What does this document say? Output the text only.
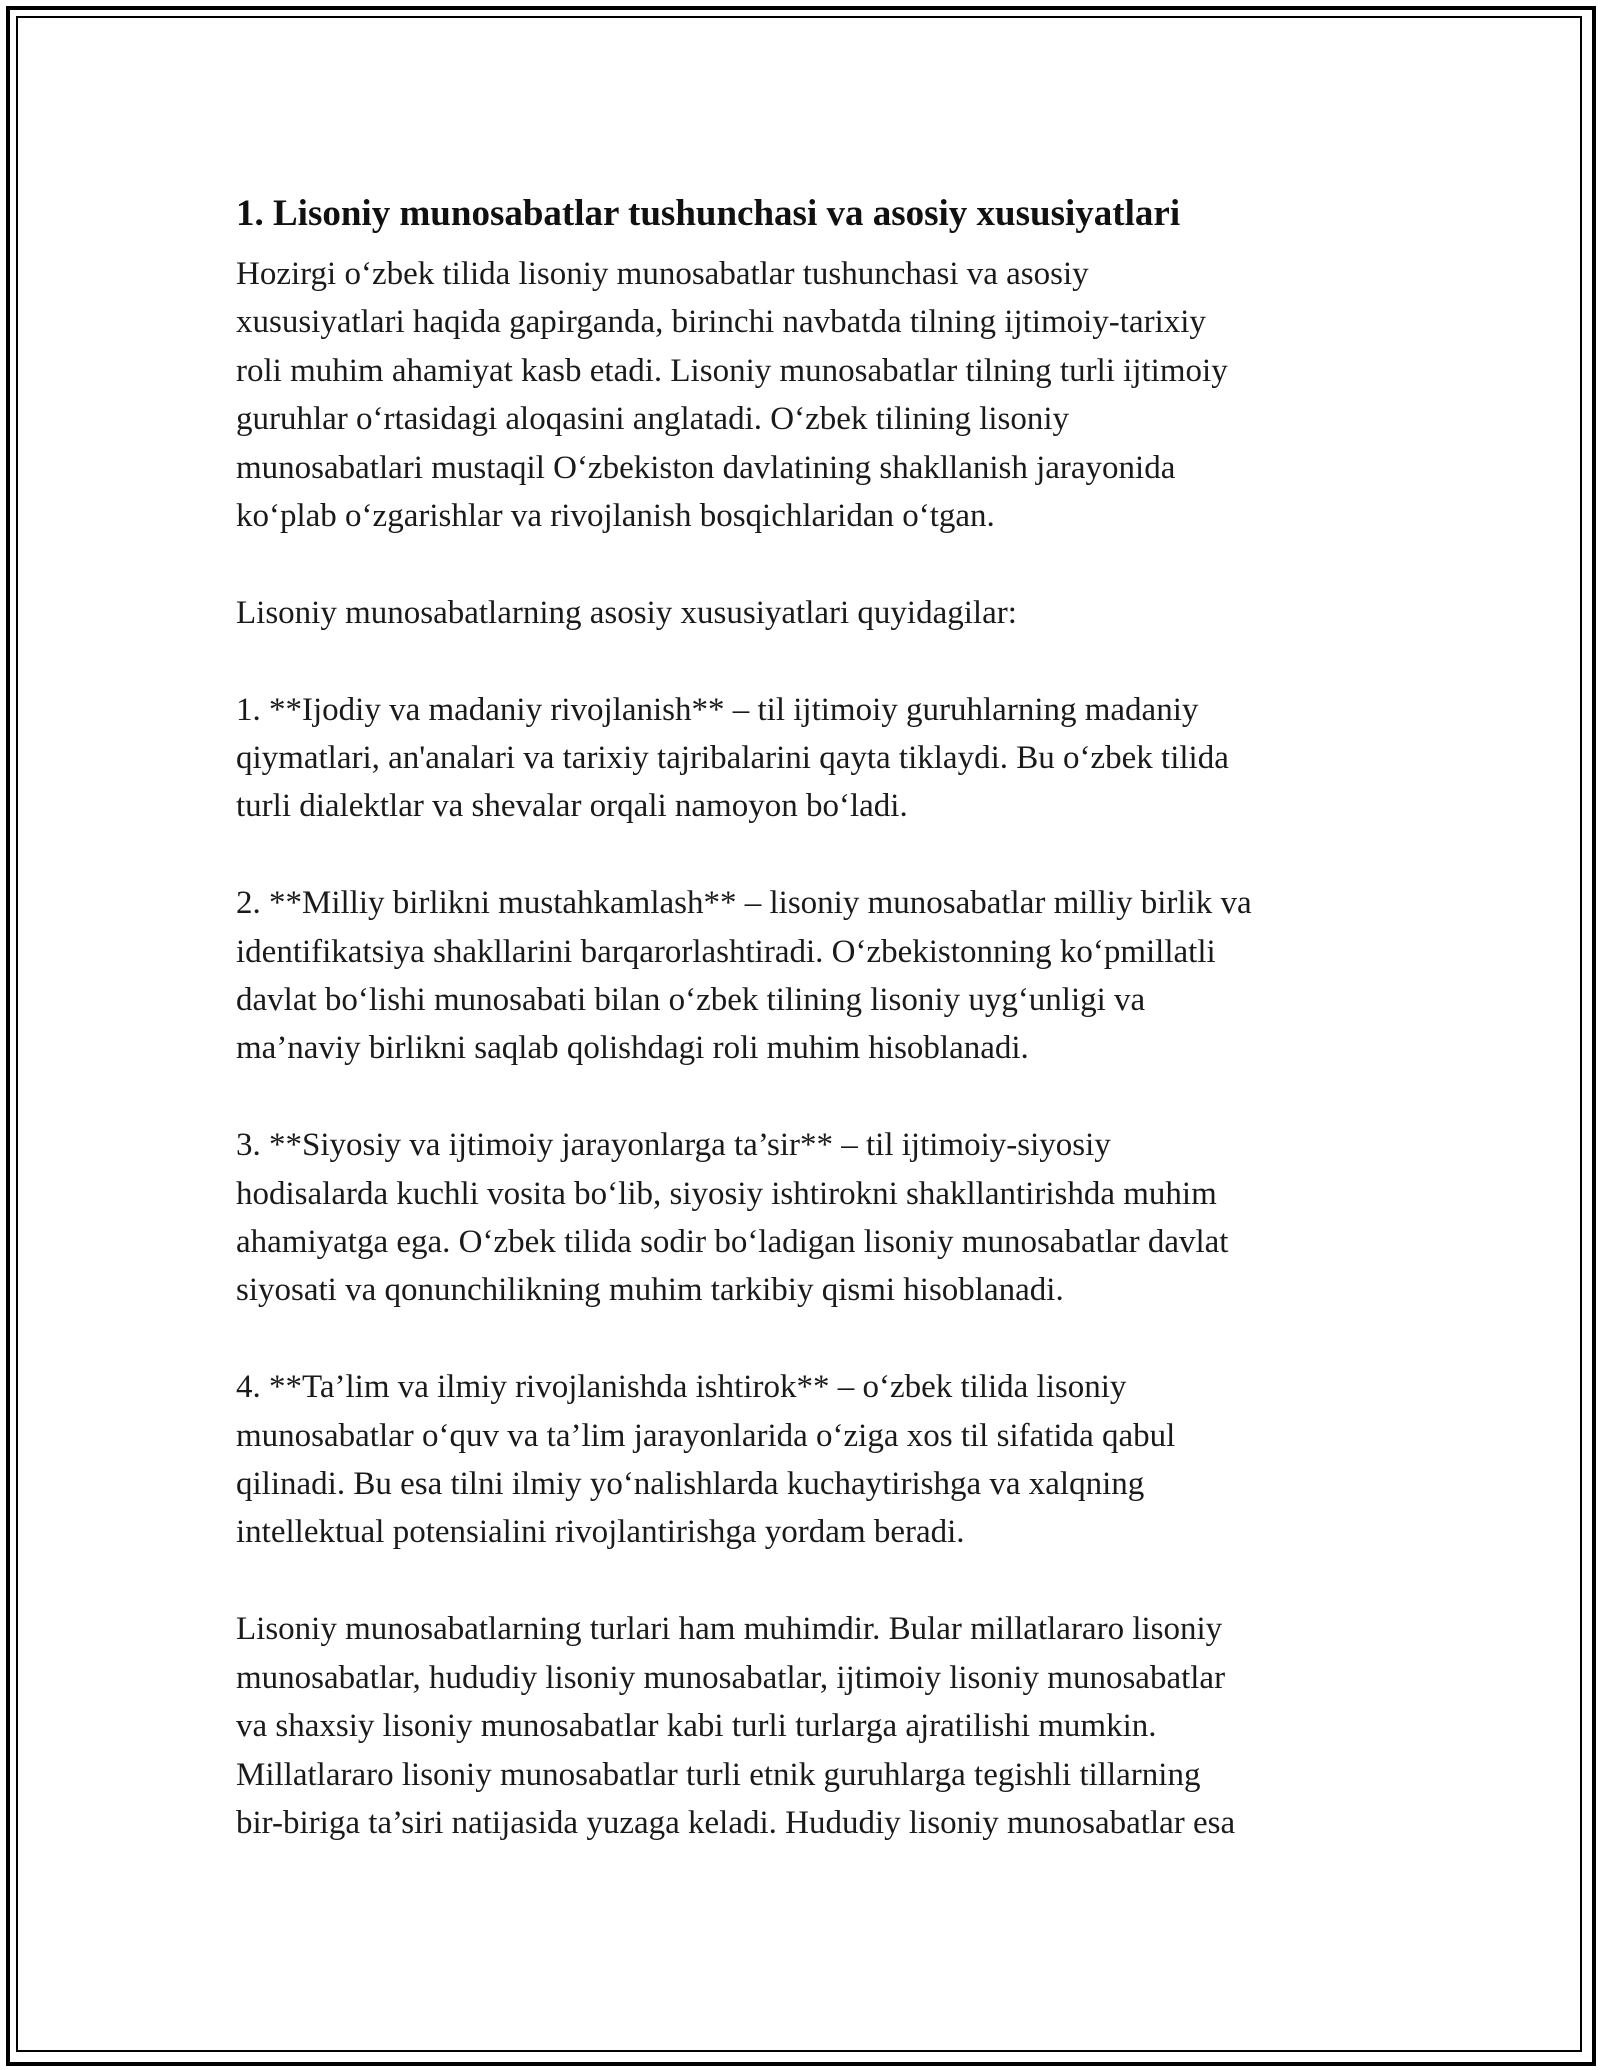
1. Lisoniy munosabatlar tushunchasi va asosiy xususiyatlari

Hozirgi o‘zbek tilida lisoniy munosabatlar tushunchasi va asosiy
xususiyatlari haqida gapirganda, birinchi navbatda tilning ijtimoiy-tarixiy
roli muhim ahamiyat kasb etadi. Lisoniy munosabatlar tilning turli ijtimoiy
guruhlar o‘rtasidagi aloqasini anglatadi. O‘zbek tilining lisoniy
munosabatlari mustaqil O‘zbekiston davlatining shakllanish jarayonida
ko‘plab o‘zgarishlar va rivojlanish bosqichlaridan o‘tgan.

Lisoniy munosabatlarning asosiy xususiyatlari quyidagilar:

1. **Ijodiy va madaniy rivojlanish** – til ijtimoiy guruhlarning madaniy
qiymatlari, an'analari va tarixiy tajribalarini qayta tiklaydi. Bu o‘zbek tilida
turli dialektlar va shevalar orqali namoyon bo‘ladi.

2. **Milliy birlikni mustahkamlash** – lisoniy munosabatlar milliy birlik va
identifikatsiya shakllarini barqarorlashtiradi. O‘zbekistonning ko‘pmillatli
davlat bo‘lishi munosabati bilan o‘zbek tilining lisoniy uyg‘unligi va
ma’naviy birlikni saqlab qolishdagi roli muhim hisoblanadi.

3. **Siyosiy va ijtimoiy jarayonlarga ta’sir** – til ijtimoiy-siyosiy
hodisalarda kuchli vosita bo‘lib, siyosiy ishtirokni shakllantirishda muhim
ahamiyatga ega. O‘zbek tilida sodir bo‘ladigan lisoniy munosabatlar davlat
siyosati va qonunchilikning muhim tarkibiy qismi hisoblanadi.

4. **Ta’lim va ilmiy rivojlanishda ishtirok** – o‘zbek tilida lisoniy
munosabatlar o‘quv va ta’lim jarayonlarida o‘ziga xos til sifatida qabul
qilinadi. Bu esa tilni ilmiy yo‘nalishlarda kuchaytirishga va xalqning
intellektual potensialini rivojlantirishga yordam beradi.

Lisoniy munosabatlarning turlari ham muhimdir. Bular millatlararo lisoniy
munosabatlar, hududiy lisoniy munosabatlar, ijtimoiy lisoniy munosabatlar
va shaxsiy lisoniy munosabatlar kabi turli turlarga ajratilishi mumkin.
Millatlararo lisoniy munosabatlar turli etnik guruhlarga tegishli tillarning
bir-biriga ta’siri natijasida yuzaga keladi. Hududiy lisoniy munosabatlar esa
